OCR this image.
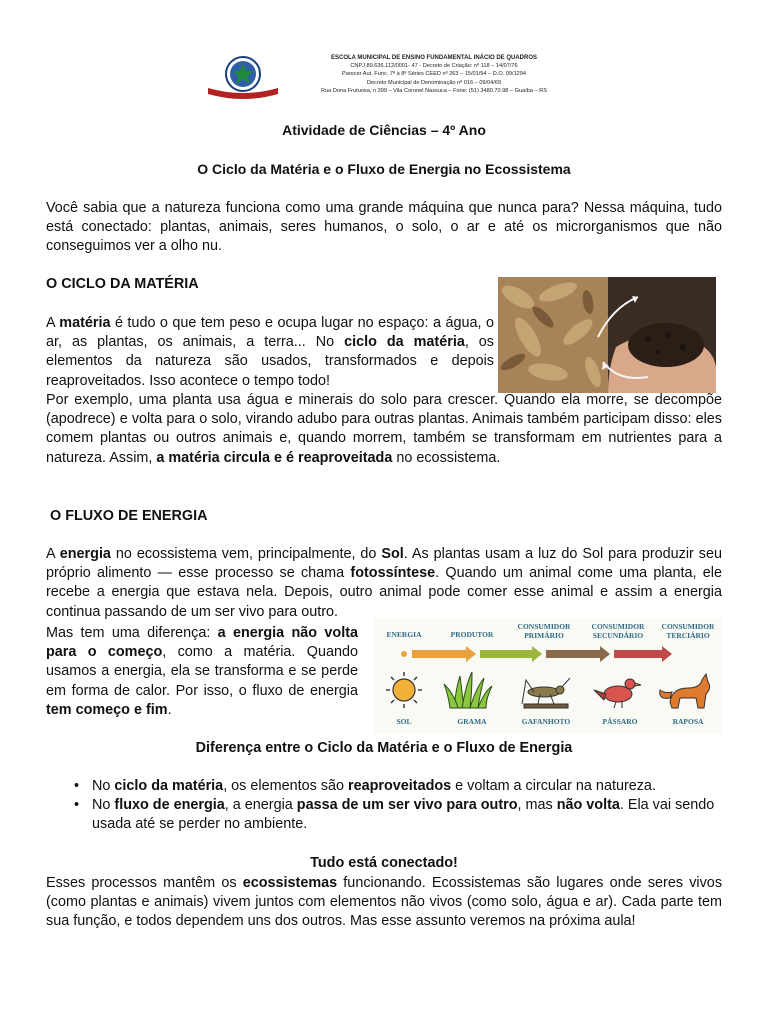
ESCOLA MUNICIPAL DE ENSINO FUNDAMENTAL INÁCIO DE QUADROS
CNPJ 89.636.112/0001- 47 - Decreto de Criação: nº 118 – 14/07/76
Parecer Aut. Func. 7ª à 8ª Séries CEED nº 263 – 15/01/94 – D.O. 09/1294
Decreto Municipal de Denominação nº 016 – 09/04/69
Rua Dona Frutuosa, n 399 – Vila Coronel Nassuca – Fone: (51) 3480.70.98 – Guaíba – RS
Atividade de Ciências – 4º Ano
O Ciclo da Matéria e o Fluxo de Energia no Ecossistema
Você sabia que a natureza funciona como uma grande máquina que nunca para? Nessa máquina, tudo está conectado: plantas, animais, seres humanos, o solo, o ar e até os microrganismos que não conseguimos ver a olho nu.
O CICLO DA MATÉRIA
A matéria é tudo o que tem peso e ocupa lugar no espaço: a água, o ar, as plantas, os animais, a terra... No ciclo da matéria, os elementos da natureza são usados, transformados e depois reaproveitados. Isso acontece o tempo todo!
Por exemplo, uma planta usa água e minerais do solo para crescer. Quando ela morre, se decompõe (apodrece) e volta para o solo, virando adubo para outras plantas. Animais também participam disso: eles comem plantas ou outros animais e, quando morrem, também se transformam em nutrientes para a natureza. Assim, a matéria circula e é reaproveitada no ecossistema.
O FLUXO DE ENERGIA
A energia no ecossistema vem, principalmente, do Sol. As plantas usam a luz do Sol para produzir seu próprio alimento — esse processo se chama fotossíntese. Quando um animal come uma planta, ele recebe a energia que estava nela. Depois, outro animal pode comer esse animal e assim a energia continua passando de um ser vivo para outro.
Mas tem uma diferença: a energia não volta para o começo, como a matéria. Quando usamos a energia, ela se transforma e se perde em forma de calor. Por isso, o fluxo de energia tem começo e fim.
ENERGIA	PRODUTOR
CONSUMIDOR PRIMÁRIO
CONSUMIDOR SECUNDÁRIO
CONSUMIDOR TERCIÁRIO
SOL	GRAMA	GAFANHOTO	PÁSSARO	RAPOSA
Diferença entre o Ciclo da Matéria e o Fluxo de Energia
• No ciclo da matéria, os elementos são reaproveitados e voltam a circular na natureza.
• No fluxo de energia, a energia passa de um ser vivo para outro, mas não volta. Ela vai sendo usada até se perder no ambiente.
Tudo está conectado!
Esses processos mantêm os ecossistemas funcionando. Ecossistemas são lugares onde seres vivos (como plantas e animais) vivem juntos com elementos não vivos (como solo, água e ar). Cada parte tem sua função, e todos dependem uns dos outros. Mas esse assunto veremos na próxima aula!
